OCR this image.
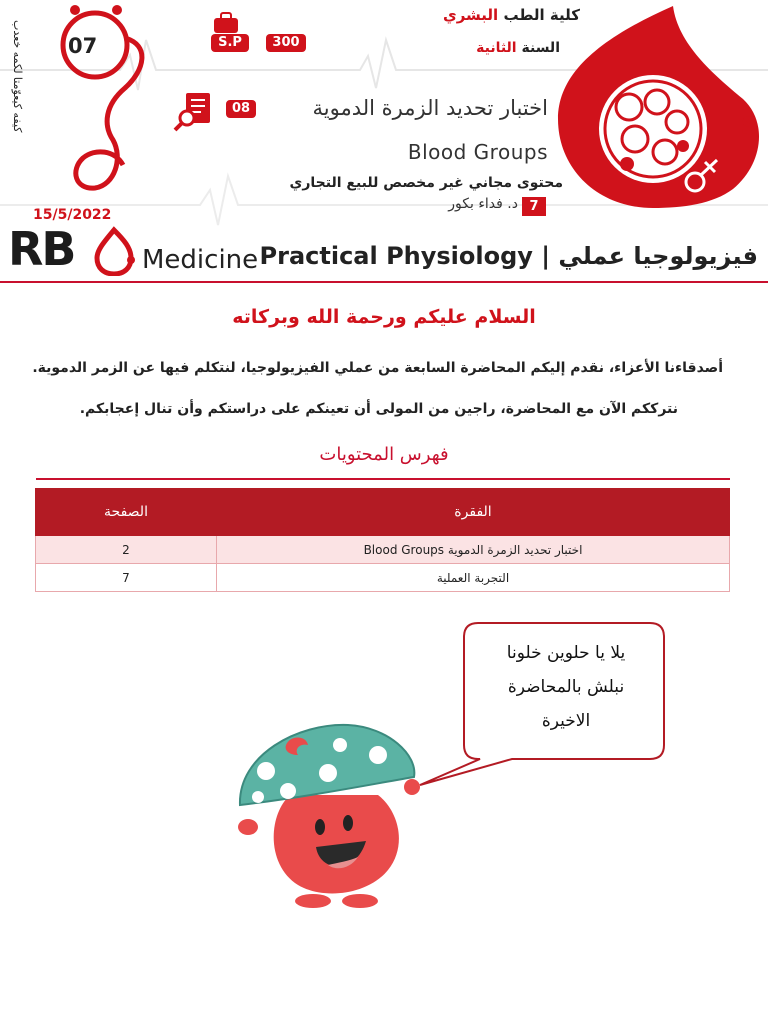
07	S.P	300
08
كيفه كيعوّمتا لكمه خعدب
15/5/2022
كلية الطب البشري
السنة الثانية
اختبار تحديد الزمرة الدموية
Blood Groups
محتوى مجاني غير مخصص للبيع التجاري
د. فداء بكور 7
S
RB	Medicine فيزيولوجيا عملي | Practical Physiology
السلام عليكم ورحمة الله وبركاته
أصدقاءنا الأعزاء، نقدم إليكم المحاضرة السابعة من عملي الفيزيولوجيا، لنتكلم فيها عن الزمر الدموية.
نترككم الآن مع المحاضرة، راجين من المولى أن تعينكم على دراستكم وأن تنال إعجابكم.
فهرس المحتويات
الفقرة	الصفحة
اختبار تحديد الزمرة الدموية Blood Groups	2
التجربة العملية	7
يلا يا حلوين خلونا
نبلش بالمحاضرة
الاخيرة
